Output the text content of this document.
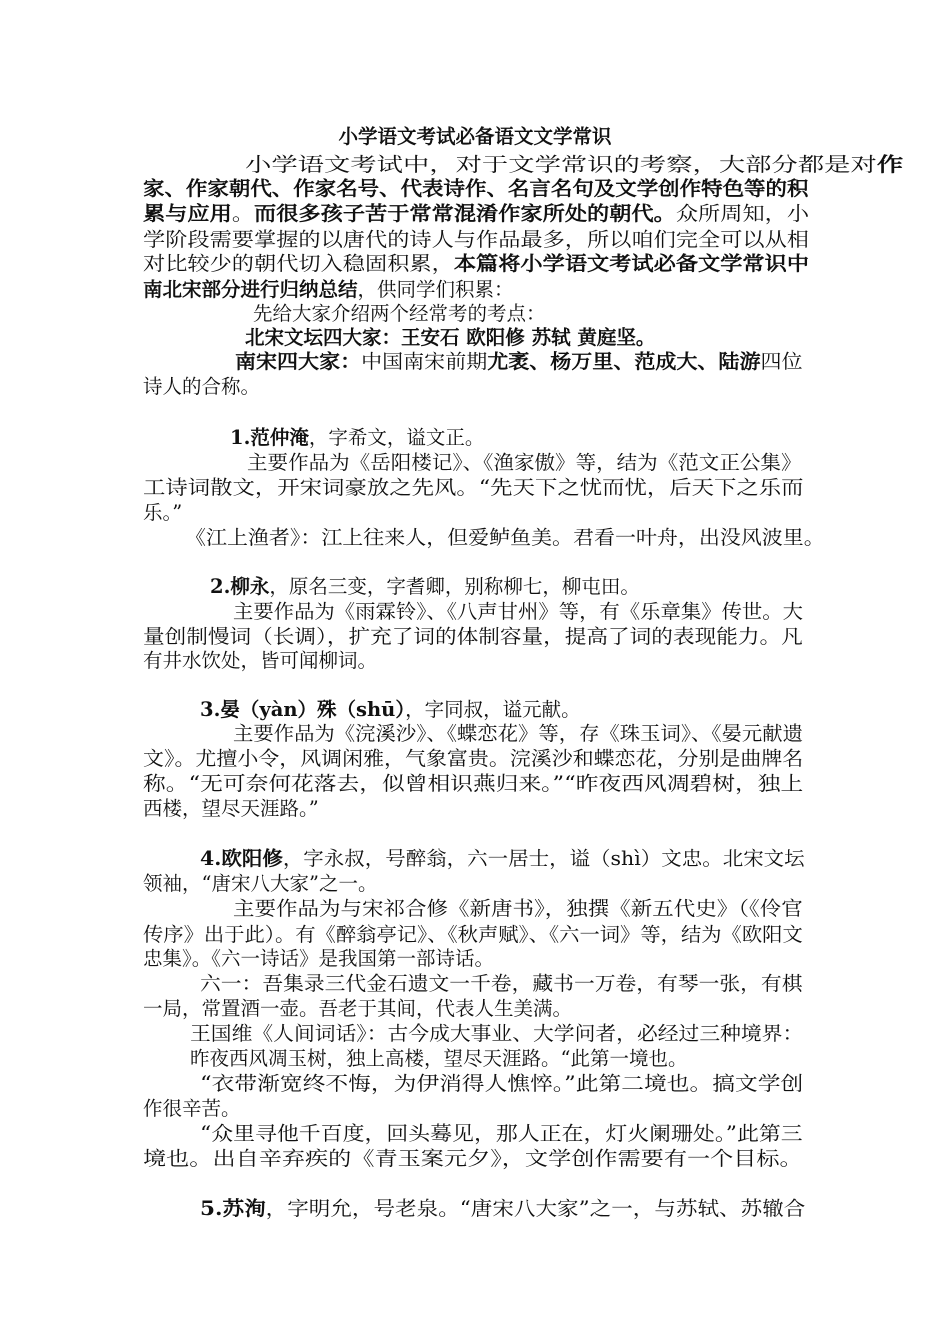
小学语文考试必备语文文学常识
小学语文考试中，对于文学常识的考察，大部分都是对作
家、作家朝代、作家名号、代表诗作、名言名句及文学创作特色等的积
累与应用。而很多孩子苦于常常混淆作家所处的朝代。众所周知，小
学阶段需要掌握的以唐代的诗人与作品最多，所以咱们完全可以从相
对比较少的朝代切入稳固积累，本篇将小学语文考试必备文学常识中
南北宋部分进行归纳总结，供同学们积累：
先给大家介绍两个经常考的考点：
北宋文坛四大家：王安石 欧阳修 苏轼 黄庭坚。
南宋四大家：中国南宋前期尤袤、杨万里、范成大、陆游四位
诗人的合称。
1.范仲淹，字希文，谥文正。
主要作品为《岳阳楼记》、《渔家傲》等，结为《范文正公集》
工诗词散文，开宋词豪放之先风。“先天下之忧而忧，后天下之乐而
乐。”
《江上渔者》：江上往来人，但爱鲈鱼美。君看一叶舟，出没风波里。
2.柳永，原名三变，字耆卿，别称柳七，柳屯田。
主要作品为《雨霖铃》、《八声甘州》等，有《乐章集》传世。大
量创制慢词（长调），扩充了词的体制容量，提高了词的表现能力。凡
有井水饮处，皆可闻柳词。
3.晏（yàn）殊（shū），字同叔，谥元献。
主要作品为《浣溪沙》、《蝶恋花》等，存《珠玉词》、《晏元献遗
文》。尤擅小令，风调闲雅，气象富贵。浣溪沙和蝶恋花，分别是曲牌名
称。“无可奈何花落去，似曾相识燕归来。”“昨夜西风凋碧树，独上
西楼，望尽天涯路。”
4.欧阳修，字永叔，号醉翁，六一居士，谥（shì）文忠。北宋文坛
领袖，“唐宋八大家”之一。
主要作品为与宋祁合修《新唐书》，独撰《新五代史》（《伶官
传序》出于此）。有《醉翁亭记》、《秋声赋》、《六一词》等，结为《欧阳文
忠集》。《六一诗话》是我国第一部诗话。
六一：吾集录三代金石遗文一千卷，藏书一万卷，有琴一张，有棋
一局，常置酒一壶。吾老于其间，代表人生美满。
王国维《人间词话》：古今成大事业、大学问者，必经过三种境界：
昨夜西风凋玉树，独上高楼，望尽天涯路。“此第一境也。
“衣带渐宽终不悔，为伊消得人憔悴。”此第二境也。搞文学创
作很辛苦。
“众里寻他千百度，回头蓦见，那人正在，灯火阑珊处。”此第三
境也。出自辛弃疾的《青玉案元夕》，文学创作需要有一个目标。
5.苏洵，字明允，号老泉。“唐宋八大家”之一，与苏轼、苏辙合
